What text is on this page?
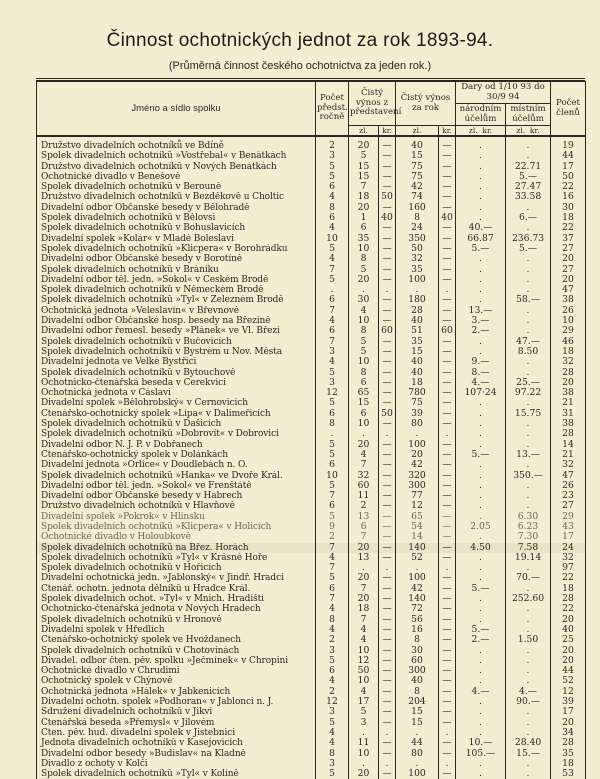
Činnost ochotnických jednot za rok 1893-94.
(Průměrná činnost českého ochotnictva za jeden rok.)
Jméno a sídlo spolku	Počet předst. ročně	Čistý výnos z představení		Čistý výnos za rok		Dary od 1/10 93 do 30/9 94		Počet členů
						národním účelům	místním účelům	
		zl.	kr.	zl.	kr.	zl. kr.	zl. kr.	
Družstvo divadelních ochotníků ve Bdíně	2	20	—	40	—	.	.	19
Spolek divadelních ochotníků »Vostřebal« v Benátkách	3	5	—	15	—	.	.	44
Družstvo divadelních ochotníků v Nových Benátkách	5	15	—	75	—	.	22.71	17
Ochotnické divadlo v Benešově	5	15	—	75	—	.	5.—	50
Spolek divadelních ochotníků v Berouně	6	7	—	42	—	.	27.47	22
Družstvo divadelních ochotníků v Bezděkově u Choltic	4	18	50	74	—	.	33.58	16
Divadelní odbor Občanské besedy v Bělohradě	8	20	—	160	—	.	.	30
Spolek divadelních ochotníků v Bělovsi	6	1	40	8	40	.	6.—	18
Spolek divadelních ochotníků v Bohuslavicích	4	6	—	24	—	40.—	.	22
Divadelní spolek »Kolár« v Mladé Boleslavi	10	35	—	350	—	66.87	236.73	37
Spolek divadelních ochotníků »Klicpera« v Borohrádku	5	10	—	50	—	5.—	5.—	27
Divadelní odbor Občanské besedy v Borotíně	4	8	—	32	—	.	.	20
Spolek divadelních ochotníků v Bráníku	7	5	—	35	—	.	.	27
Divadelní odbor těl. jedn. »Sokol« v Českém Brodě	5	20	—	100	—	.	.	20
Spolek divadelních ochotníků v Německém Brodě	.	.	.	.	.	.	.	47
Spolek divadelních ochotníků »Tyl« v Železném Brodě	6	30	—	180	—	.	58.—	38
Ochotnická jednota »Veleslavín« v Břevnově	7	4	—	28	—	13.—	.	26
Divadelní odbor Občanské hosp. besedy na Březině	4	10	—	40	—	3.—	.	10
Divadelní odbor řemesl. besedy »Plánek« ve Vl. Březí	6	8	60	51	60	2.—	.	29
Spolek divadelních ochotníků v Bučovicích	7	5	—	35	—	.	47.—	46
Spolek divadelních ochotníků v Bystrém u Nov. Města	3	5	—	15	—	.	8.50	18
Divadelní jednota ve Velké Bystřici	4	10	—	40	—	9.—	.	32
Spolek divadelních ochotníků v Bytouchově	5	8	—	40	—	8.—	.	28
Ochotnicko-čtenářská beseda v Cerekvici	3	6	—	18	—	4.—	25.—	20
Ochotnická jednota v Čáslavi	12	65	—	780	—	107·24	97.22	38
Divadelní spolek »Bělohrobský« v Černovicích	5	15	—	75	—	.	.	21
Čtenářsko-ochotnický spolek »Lípa« v Dalimeřicích	6	6	50	39	—	.	15.75	31
Spolek divadelních ochotníků v Dašicích	8	10	—	80	—	.	.	38
Spolek divadelních ochotníků »Dobrovít« v Dobrovici	.	.	.	.	.	.	.	28
Divadelní odbor N. J. P. v Dobřanech	5	20	—	100	—	.	.	14
Čtenářsko-ochotnický spolek v Dolánkách	5	4	—	20	—	5.—	13.—	21
Divadelní jednota »Orlice« v Doudlebách n. O.	6	7	—	42	—	.	.	32
Spolek divadelních ochotníků »Hanka« ve Dvoře Král.	10	32	—	320	—	.	350.—	47
Divadelní odbor těl. jedn. »Sokol« ve Frenštátě	5	60	—	300	—	.	.	26
Divadelní odbor Občanské besedy v Habrech	7	11	—	77	—	.	.	23
Družstvo divadelních ochotníků v Hlavňově	6	2	—	12	—	.	.	27
Divadelní spolek »Pokrok« v Hlinsku	5	13	—	65	—	.	6.30	29
Spolek divadelních ochotníků »Klicpera« v Holicích	9	6	—	54	—	2.05	6.23	43
Ochotnické divadlo v Holoubkově	2	7	—	14	—	.	7.30	17
Spolek divadelních ochotníků na Břez. Horách	7	20	—	140	—	4.50	7.58	24
Spolek divadelních ochotníků »Tyl« v Krásné Hoře	4	13	—	52	—	.	19.14	32
Spolek divadelních ochotníků v Hořicích	7	.	.	.	.	.	.	97
Divadelní ochotnická jedn. »Jablonský« v Jindř. Hradci	5	20	—	100	—	.	70.—	22
Čtenář. ochotn. jednota dělníků u Hradce Král.	6	7	—	42	—	5.—	.	18
Spolek divadelních ochot. »Tyl« v Mnich. Hradišti	7	20	—	140	—	.	252.60	28
Ochotnicko-čtenářská jednota v Nových Hradech	4	18	—	72	—	.	.	22
Spolek divadelních ochotníků v Hronově	8	7	—	56	—	.	.	20
Divadelní spolek v Hředlích	4	4	—	16	—	5.—	.	40
Čtenářsko-ochotnický spolek ve Hvoždanech	2	4	—	8	—	2.—	1.50	25
Spolek divadelních ochotníků v Chotovinách	3	10	—	30	—	.	.	20
Divadel. odbor čten. pěv. spolku »Ječmínek« v Chropini	5	12	—	60	—	.	.	20
Ochotnické divadlo v Chrudimi	6	50	—	300	—	.	.	44
Ochotnický spolek v Chýnově	4	10	—	40	—	.	.	52
Ochotnická jednota »Hálek« v Jabkenicích	2	4	—	8	—	4.—	4.—	12
Divadelní ochotn. spolek »Podhoran« v Jablonci n. J.	12	17	—	204	—	.	90.—	39
Sdružení divadelních ochotníků v Jikvi	3	5	—	15	—	.	.	17
Čtenářská beseda »Přemysl« v Jílovém	5	3	—	15	—	.	.	20
Čten. pěv. hud. divadelní spolek v Jistebnici	4	.	.	.	.	.	.	34
Jednota divadelních ochotníků v Kasejovicích	4	11	—	44	—	10.—	28.40	28
Divadelní odbor besedy »Budislav« na Kladně	8	10	—	80	—	105.—	15.—	35
Divadlo z ochoty v Kolči	3	.	.	.	.	.	.	18
Spolek divadelních ochotníků »Tyl« v Kolíně	5	20	—	100	—	.	.	53
